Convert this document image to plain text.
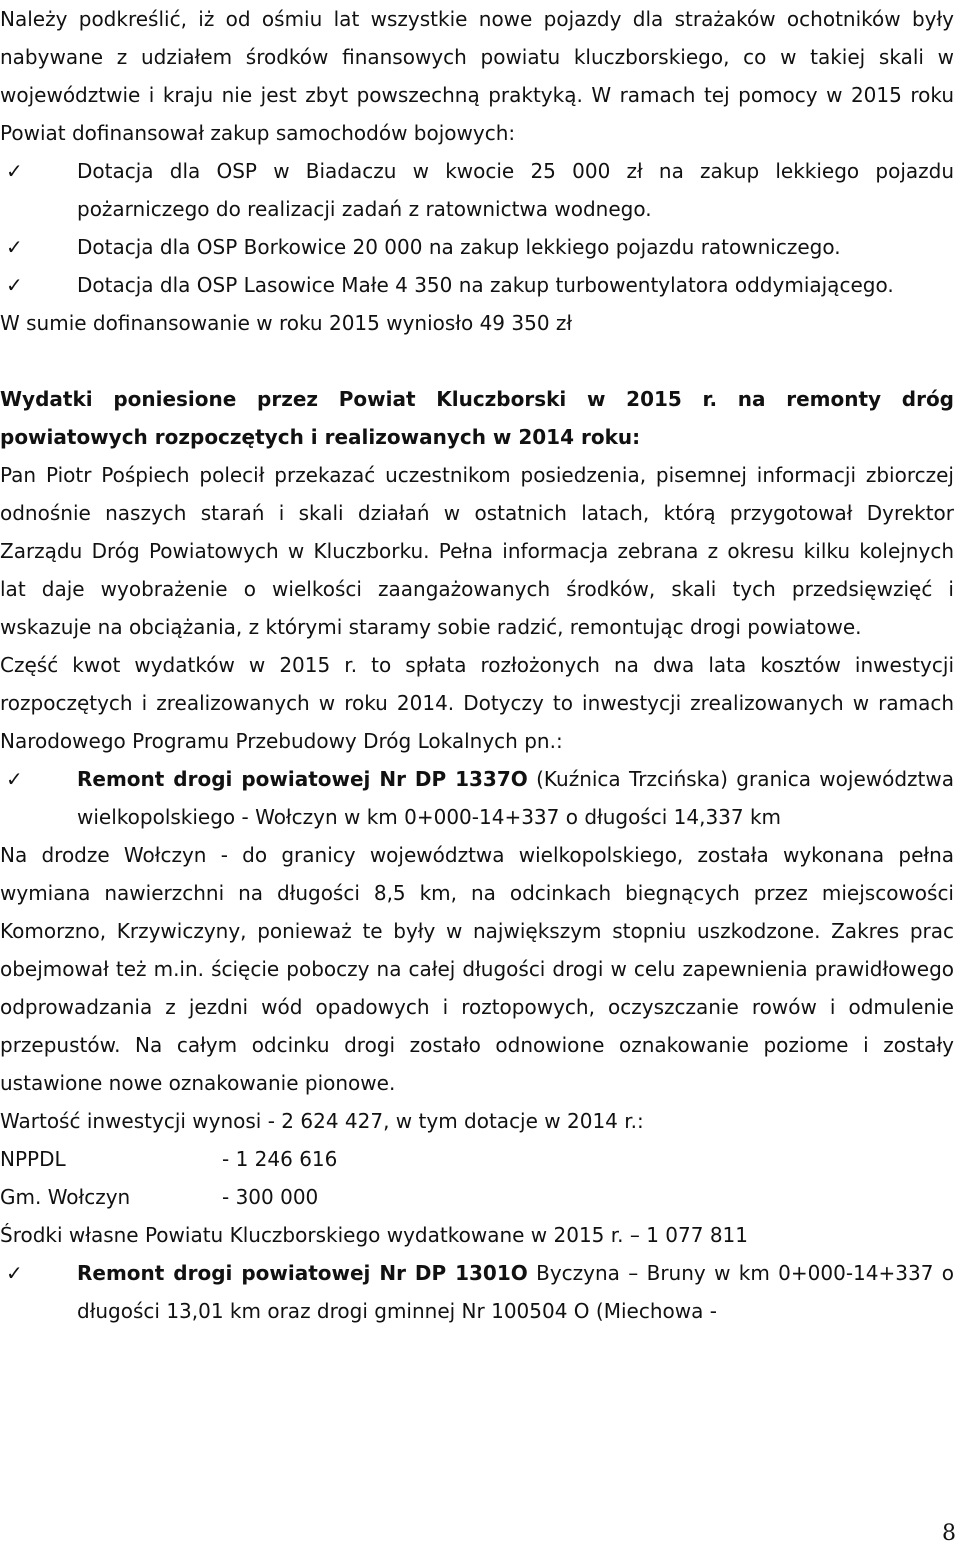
Należy podkreślić, iż od ośmiu lat wszystkie nowe pojazdy dla strażaków ochotników były nabywane z udziałem środków finansowych powiatu kluczborskiego, co w takiej skali w województwie i kraju nie jest zbyt powszechną praktyką. W ramach tej pomocy w 2015 roku Powiat dofinansował zakup samochodów bojowych:

✓	Dotacja dla OSP w Biadaczu w kwocie 25 000 zł na zakup lekkiego pojazdu pożarniczego do realizacji zadań z ratownictwa wodnego.
✓	Dotacja dla OSP Borkowice 20 000 na zakup lekkiego pojazdu ratowniczego.
✓	Dotacja dla OSP Lasowice Małe 4 350 na zakup turbowentylatora oddymiającego.

W sumie dofinansowanie w roku 2015 wyniosło 49 350 zł

Wydatki poniesione przez Powiat Kluczborski w 2015 r. na remonty dróg powiatowych rozpoczętych i realizowanych w 2014 roku:

Pan Piotr Pośpiech polecił przekazać uczestnikom posiedzenia, pisemnej informacji zbiorczej odnośnie naszych starań i skali działań w ostatnich latach, którą przygotował Dyrektor Zarządu Dróg Powiatowych w Kluczborku. Pełna informacja zebrana z okresu kilku kolejnych lat daje wyobrażenie o wielkości zaangażowanych środków, skali tych przedsięwzięć i wskazuje na obciążania, z którymi staramy sobie radzić, remontując drogi powiatowe.

Część kwot wydatków w 2015 r. to spłata rozłożonych na dwa lata kosztów inwestycji rozpoczętych i zrealizowanych w roku 2014. Dotyczy to inwestycji zrealizowanych w ramach Narodowego Programu Przebudowy Dróg Lokalnych pn.:

✓	Remont drogi powiatowej Nr DP 1337O (Kuźnica Trzcińska) granica województwa wielkopolskiego - Wołczyn w km 0+000-14+337 o długości 14,337 km

Na drodze Wołczyn - do granicy województwa wielkopolskiego, została wykonana pełna wymiana nawierzchni na długości 8,5 km, na odcinkach biegnących przez miejscowości Komorzno, Krzywiczyny, ponieważ te były w największym stopniu uszkodzone. Zakres prac obejmował też m.in. ścięcie poboczy na całej długości drogi w celu zapewnienia prawidłowego odprowadzania z jezdni wód opadowych i roztopowych, oczyszczanie rowów i odmulenie przepustów. Na całym odcinku drogi zostało odnowione oznakowanie poziome i zostały ustawione nowe oznakowanie pionowe.

Wartość inwestycji wynosi - 2 624 427, w tym dotacje w 2014 r.:

NPPDL	- 1 246 616
Gm. Wołczyn	- 300 000

Środki własne Powiatu Kluczborskiego wydatkowane w 2015 r. – 1 077 811

✓	Remont drogi powiatowej Nr DP 1301O Byczyna – Bruny w km 0+000-14+337 o długości 13,01 km oraz drogi gminnej Nr 100504 O (Miechowa -
8
